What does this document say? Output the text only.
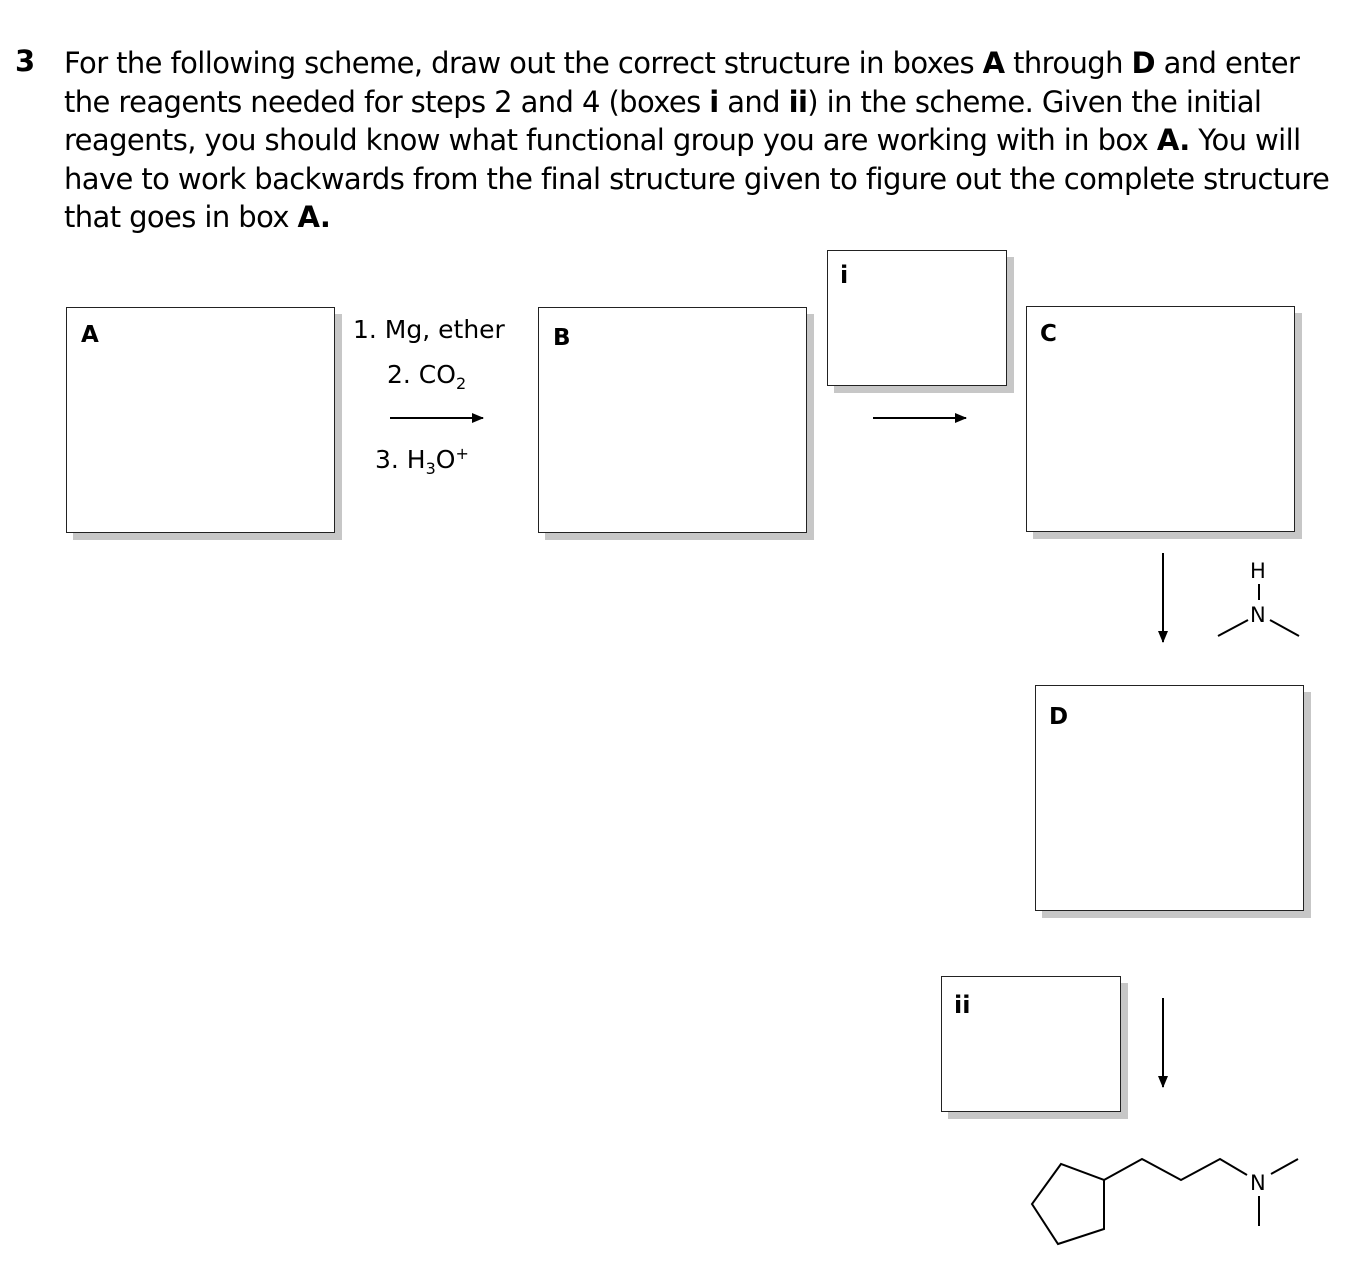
3 For the following scheme, draw out the correct structure in boxes A through D and enter the reagents needed for steps 2 and 4 (boxes i and ii) in the scheme. Given the initial reagents, you should know what functional group you are working with in box A. You will have to work backwards from the final structure given to figure out the complete structure that goes in box A.
A	B
i
C
D
ii
1. Mg, ether
2. $CO_2$
3. $H_3O^+$
H
N
N
